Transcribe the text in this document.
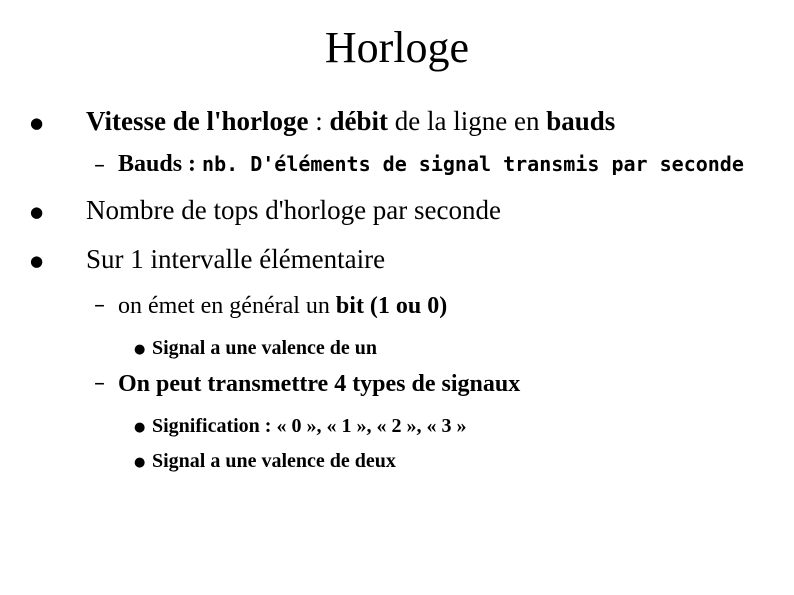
Horloge
● Vitesse de l'horloge : débit de la ligne en bauds
– Bauds : nb. D'éléments de signal transmis par seconde
● Nombre de tops d'horloge par seconde
● Sur 1 intervalle élémentaire
– on émet en général un bit (1 ou 0)
● Signal a une valence de un
– On peut transmettre 4 types de signaux
● Signification : « 0 », « 1 », « 2 », « 3 »
● Signal a une valence de deux
